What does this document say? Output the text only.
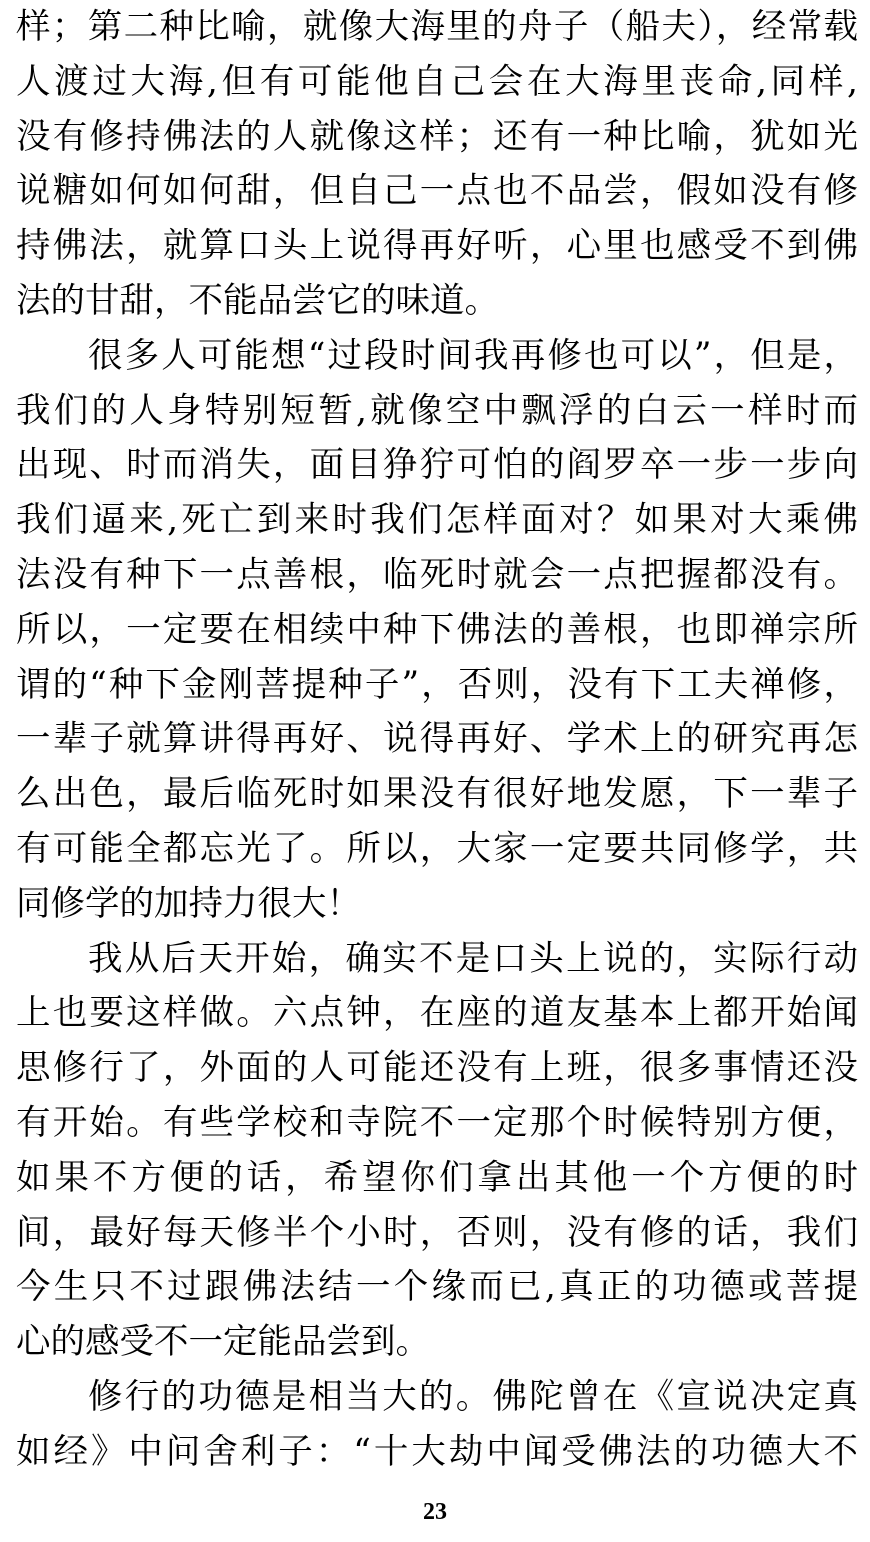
样；第二种比喻，就像大海里的舟子（船夫），经常载
人渡过大海,但有可能他自己会在大海里丧命,同样,
没有修持佛法的人就像这样；还有一种比喻，犹如光
说糖如何如何甜，但自己一点也不品尝，假如没有修
持佛法，就算口头上说得再好听，心里也感受不到佛
法的甘甜，不能品尝它的味道。
很多人可能想“过段时间我再修也可以”，但是，
我们的人身特别短暂,就像空中飘浮的白云一样时而
出现、时而消失，面目狰狞可怕的阎罗卒一步一步向
我们逼来,死亡到来时我们怎样面对？如果对大乘佛
法没有种下一点善根，临死时就会一点把握都没有。
所以，一定要在相续中种下佛法的善根，也即禅宗所
谓的“种下金刚菩提种子”，否则，没有下工夫禅修，
一辈子就算讲得再好、说得再好、学术上的研究再怎
么出色，最后临死时如果没有很好地发愿，下一辈子
有可能全都忘光了。所以，大家一定要共同修学，共
同修学的加持力很大！
我从后天开始，确实不是口头上说的，实际行动
上也要这样做。六点钟，在座的道友基本上都开始闻
思修行了，外面的人可能还没有上班，很多事情还没
有开始。有些学校和寺院不一定那个时候特别方便，
如果不方便的话，希望你们拿出其他一个方便的时
间，最好每天修半个小时，否则，没有修的话，我们
今生只不过跟佛法结一个缘而已,真正的功德或菩提
心的感受不一定能品尝到。
修行的功德是相当大的。佛陀曾在《宣说决定真
如经》中问舍利子：“十大劫中闻受佛法的功德大不
23
